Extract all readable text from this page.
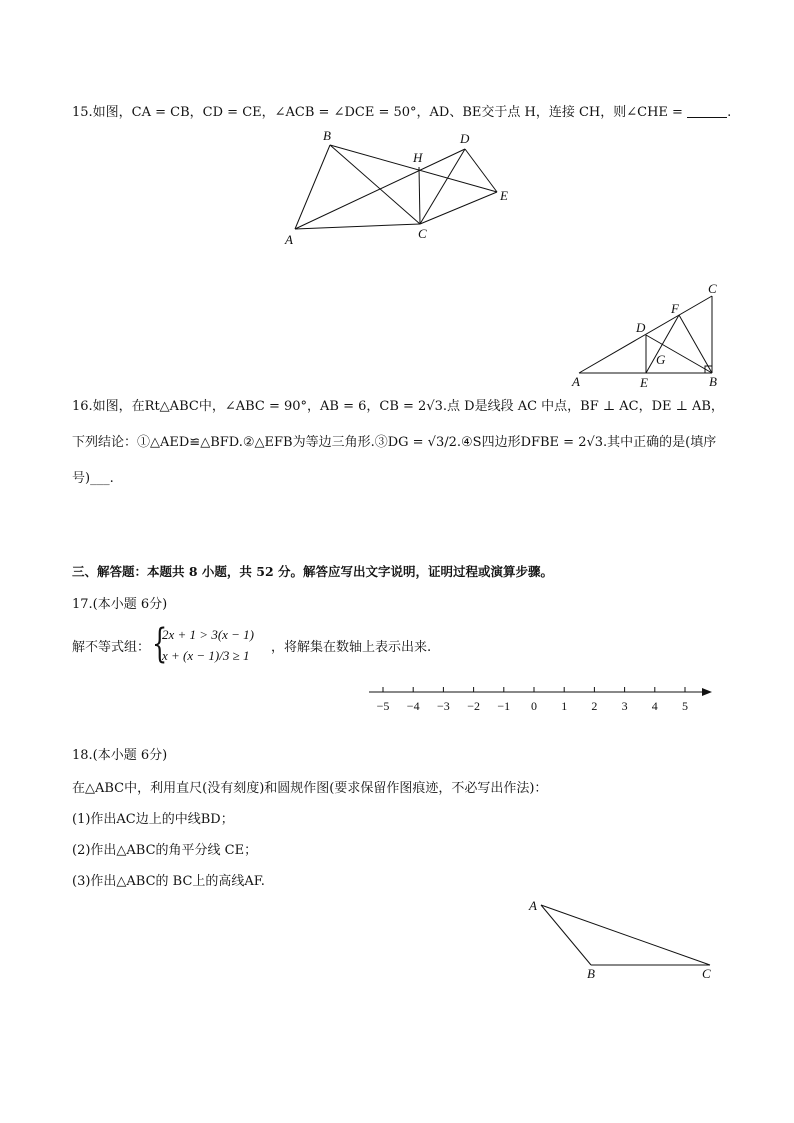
15.如图，CA = CB，CD = CE，∠ACB = ∠DCE = 50°，AD、BE交于点 H，连接 CH，则∠CHE =	.
A
B
C
D
E
H
A	B
C
D
E
F
G
16.如图，在Rt△ABC中，∠ABC = 90°，AB = 6，CB = 2√3.点 D是线段 AC 中点，BF ⊥ AC，DE ⊥ AB，
下列结论：①△AED≌△BFD.②△EFB为等边三角形.③DG = √3/2.④S四边形DFBE = 2√3.其中正确的是(填序
号)___.
三、解答题：本题共 8 小题，共 52 分。解答应写出文字说明，证明过程或演算步骤。
17.(本小题 6分)
解不等式组： {
2x + 1 > 3(x − 1)
x + (x − 1)/3 ≥ 1
，将解集在数轴上表示出来.
−5 −4 −3 −2 −1 0 1 2 3 4 5
18.(本小题 6分)
在△ABC中，利用直尺(没有刻度)和圆规作图(要求保留作图痕迹，不必写出作法)：
(1)作出AC边上的中线BD；
(2)作出△ABC的角平分线 CE；
(3)作出△ABC的 BC上的高线AF.
A
B	C
